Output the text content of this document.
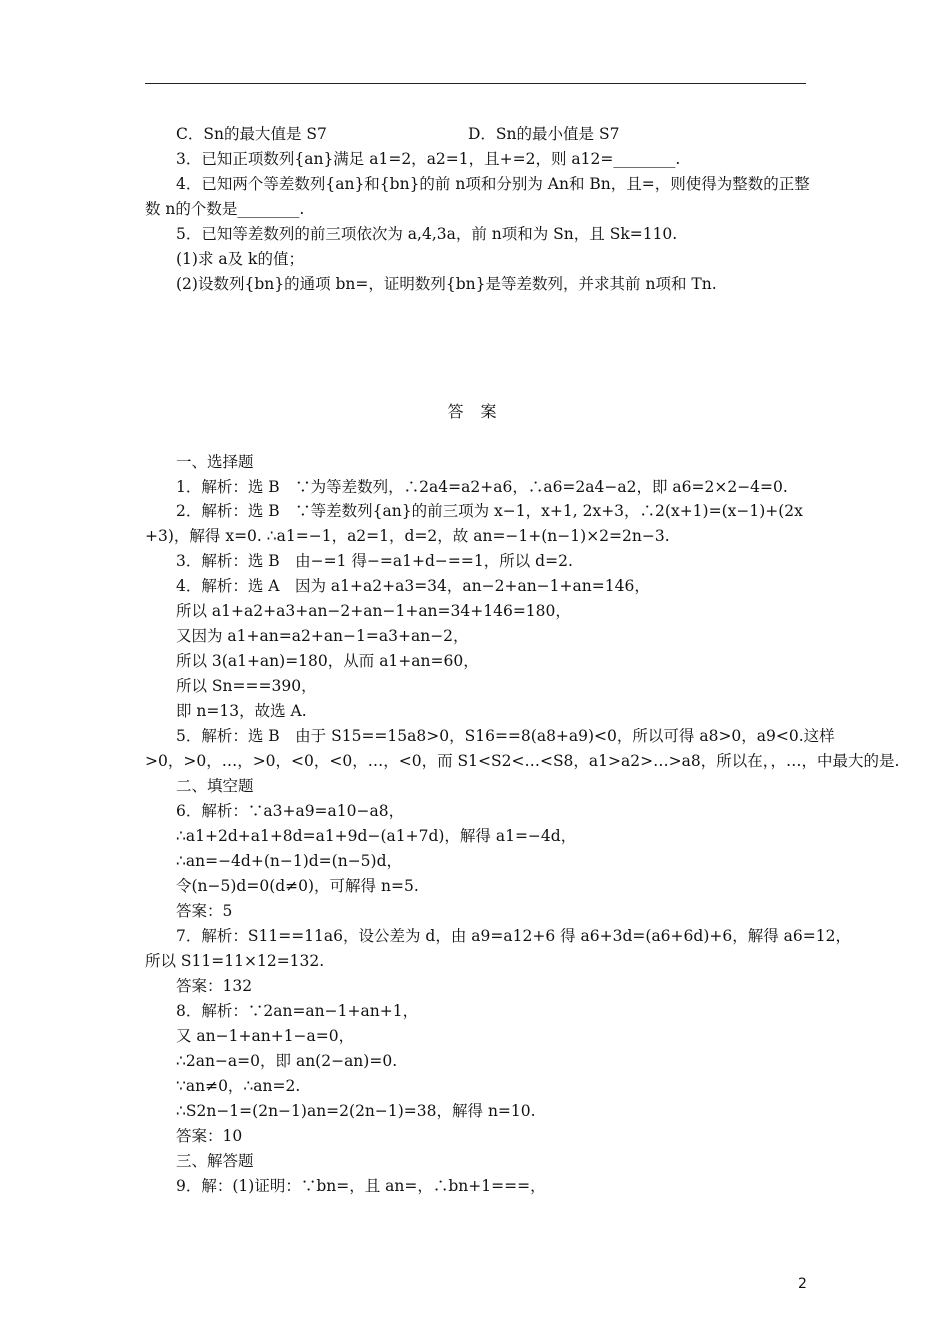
C．Sn的最大值是 S7	D．Sn的最小值是 S7
3．已知正项数列{an}满足 a1=2，a2=1，且+=2，则 a12=________.
4．已知两个等差数列{an}和{bn}的前 n项和分别为 An和 Bn，且=，则使得为整数的正整
数 n的个数是________.
5．已知等差数列的前三项依次为 a,4,3a，前 n项和为 Sn，且 Sk=110.
(1)求 a及 k的值；
(2)设数列{bn}的通项 bn=，证明数列{bn}是等差数列，并求其前 n项和 Tn.
答 案
一、选择题
1．解析：选 B　∵为等差数列，∴2a4=a2+a6，∴a6=2a4−a2，即 a6=2×2−4=0.
2．解析：选 B　∵等差数列{an}的前三项为 x−1，x+1, 2x+3，∴2(x+1)=(x−1)+(2x
+3)，解得 x=0. ∴a1=−1，a2=1，d=2，故 an=−1+(n−1)×2=2n−3.
3．解析：选 B　由−=1 得−=a1+d−==1，所以 d=2.
4．解析：选 A　因为 a1+a2+a3=34，an−2+an−1+an=146，
所以 a1+a2+a3+an−2+an−1+an=34+146=180，
又因为 a1+an=a2+an−1=a3+an−2，
所以 3(a1+an)=180，从而 a1+an=60，
所以 Sn===390，
即 n=13，故选 A.
5．解析：选 B　由于 S15==15a8>0，S16==8(a8+a9)<0，所以可得 a8>0，a9<0.这样
>0，>0，…，>0，<0，<0，…，<0，而 S1<S2<…<S8，a1>a2>…>a8，所以在，，…，中最大的是.
二、填空题
6．解析：∵a3+a9=a10−a8，
∴a1+2d+a1+8d=a1+9d−(a1+7d)，解得 a1=−4d，
∴an=−4d+(n−1)d=(n−5)d，
令(n−5)d=0(d≠0)，可解得 n=5.
答案：5
7．解析：S11==11a6，设公差为 d，由 a9=a12+6 得 a6+3d=(a6+6d)+6，解得 a6=12，
所以 S11=11×12=132.
答案：132
8．解析：∵2an=an−1+an+1，
又 an−1+an+1−a=0，
∴2an−a=0，即 an(2−an)=0.
∵an≠0，∴an=2.
∴S2n−1=(2n−1)an=2(2n−1)=38，解得 n=10.
答案：10
三、解答题
9．解：(1)证明：∵bn=，且 an=，∴bn+1===，
2
